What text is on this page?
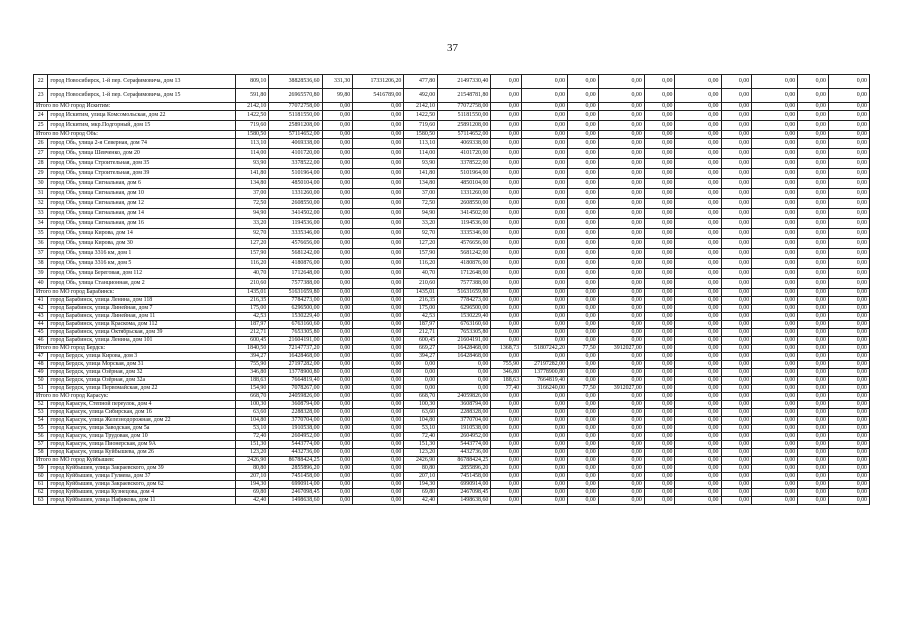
37
22	город Новосибирск, 1-й пер. Серафимовича, дом 13	809,10	38828536,60	331,30	17331206,20	477,80	21497330,40	0,00	0,00	0,00	0,00	0,00	0,00	0,00	0,00	0,00	0,00
23	город Новосибирск, 1-й пер. Серафимовича, дом 15	591,80	26965570,80	99,80	5416789,00	492,00	21548781,80	0,00	0,00	0,00	0,00	0,00	0,00	0,00	0,00	0,00	0,00
Итого по МО город Искитим:		2142,10	77072758,00	0,00	0,00	2142,10	77072758,00	0,00	0,00	0,00	0,00	0,00	0,00	0,00	0,00	0,00	0,00
24	город Искитим, улица Комсомольская, дом 22	1422,50	51181550,00	0,00	0,00	1422,50	51181550,00	0,00	0,00	0,00	0,00	0,00	0,00	0,00	0,00	0,00	0,00
25	город Искитим, мкр.Подгорный, дом 15	719,60	25891208,00	0,00	0,00	719,60	25891208,00	0,00	0,00	0,00	0,00	0,00	0,00	0,00	0,00	0,00	0,00
Итого по МО город Обь:		1580,50	57114652,00	0,00	0,00	1580,50	57114652,00	0,00	0,00	0,00	0,00	0,00	0,00	0,00	0,00	0,00	0,00
26	город Обь, улица 2-я Северная, дом 74	113,10	4069338,00	0,00	0,00	113,10	4069338,00	0,00	0,00	0,00	0,00	0,00	0,00	0,00	0,00	0,00	0,00
27	город Обь, улица Шевченко, дом 20	114,00	4101720,00	0,00	0,00	114,00	4101720,00	0,00	0,00	0,00	0,00	0,00	0,00	0,00	0,00	0,00	0,00
28	город Обь, улица Строительная, дом 35	93,90	3378522,00	0,00	0,00	93,90	3378522,00	0,00	0,00	0,00	0,00	0,00	0,00	0,00	0,00	0,00	0,00
29	город Обь, улица Строительная, дом 39	141,80	5101964,00	0,00	0,00	141,80	5101964,00	0,00	0,00	0,00	0,00	0,00	0,00	0,00	0,00	0,00	0,00
30	город Обь, улица Сигнальная, дом 6	134,80	4850104,00	0,00	0,00	134,80	4850104,00	0,00	0,00	0,00	0,00	0,00	0,00	0,00	0,00	0,00	0,00
31	город Обь, улица Сигнальная, дом 10	37,00	1331260,00	0,00	0,00	37,00	1331260,00	0,00	0,00	0,00	0,00	0,00	0,00	0,00	0,00	0,00	0,00
32	город Обь, улица Сигнальная, дом 12	72,50	2608550,00	0,00	0,00	72,50	2608550,00	0,00	0,00	0,00	0,00	0,00	0,00	0,00	0,00	0,00	0,00
33	город Обь, улица Сигнальная, дом 14	94,90	3414502,00	0,00	0,00	94,90	3414502,00	0,00	0,00	0,00	0,00	0,00	0,00	0,00	0,00	0,00	0,00
34	город Обь, улица Сигнальная, дом 16	33,20	1194536,00	0,00	0,00	33,20	1194536,00	0,00	0,00	0,00	0,00	0,00	0,00	0,00	0,00	0,00	0,00
35	город Обь, улица Кирова, дом 14	92,70	3335346,00	0,00	0,00	92,70	3335346,00	0,00	0,00	0,00	0,00	0,00	0,00	0,00	0,00	0,00	0,00
36	город Обь, улица Кирова, дом 30	127,20	4576656,00	0,00	0,00	127,20	4576656,00	0,00	0,00	0,00	0,00	0,00	0,00	0,00	0,00	0,00	0,00
37	город Обь, улица 3316 км, дом 1	157,90	5681242,00	0,00	0,00	157,90	5681242,00	0,00	0,00	0,00	0,00	0,00	0,00	0,00	0,00	0,00	0,00
38	город Обь, улица 3316 км, дом 5	116,20	4180876,00	0,00	0,00	116,20	4180876,00	0,00	0,00	0,00	0,00	0,00	0,00	0,00	0,00	0,00	0,00
39	город Обь, улица Береговая, дом 112	40,70	1712648,00	0,00	0,00	40,70	1712648,00	0,00	0,00	0,00	0,00	0,00	0,00	0,00	0,00	0,00	0,00
40	город Обь, улица Станционная, дом 2	210,60	7577388,00	0,00	0,00	210,60	7577388,00	0,00	0,00	0,00	0,00	0,00	0,00	0,00	0,00	0,00	0,00
Итого по МО город Барабинск:		1435,01	51631659,80	0,00	0,00	1435,01	51631659,80	0,00	0,00	0,00	0,00	0,00	0,00	0,00	0,00	0,00	0,00
41	город Барабинск, улица Ленина, дом 118	216,35	7784273,00	0,00	0,00	216,35	7784273,00	0,00	0,00	0,00	0,00	0,00	0,00	0,00	0,00	0,00	0,00
42	город Барабинск, улица Линейная, дом 7	175,00	6296500,00	0,00	0,00	175,00	6296500,00	0,00	0,00	0,00	0,00	0,00	0,00	0,00	0,00	0,00	0,00
43	город Барабинск, улица Линейная, дом 11	42,53	1530229,40	0,00	0,00	42,53	1530229,40	0,00	0,00	0,00	0,00	0,00	0,00	0,00	0,00	0,00	0,00
44	город Барабинск, улица Краскома, дом 112	187,97	6763160,60	0,00	0,00	187,97	6763160,60	0,00	0,00	0,00	0,00	0,00	0,00	0,00	0,00	0,00	0,00
45	город Барабинск, улица Октябрьская, дом 39	212,71	7653305,80	0,00	0,00	212,71	7653305,80	0,00	0,00	0,00	0,00	0,00	0,00	0,00	0,00	0,00	0,00
46	город Барабинск, улица Ленина, дом 101	600,45	21604191,00	0,00	0,00	600,45	21604191,00	0,00	0,00	0,00	0,00	0,00	0,00	0,00	0,00	0,00	0,00
Итого по МО город Бердск:		1840,50	72147737,20	0,00	0,00	669,27	16428468,00	1368,73	51807242,20	77,50	3912027,00	0,00	0,00	0,00	0,00	0,00	0,00
47	город Бердск, улица Кирова, дом 3	394,27	16428468,00	0,00	0,00	394,27	16428468,00	0,00	0,00	0,00	0,00	0,00	0,00	0,00	0,00	0,00	0,00
48	город Бердск, улица Морская, дом 31	755,90	27197282,00	0,00	0,00	0,00	0,00	755,90	27197282,00	0,00	0,00	0,00	0,00	0,00	0,00	0,00	0,00
49	город Бердск, улица Озёрная, дом 32	346,80	13778900,80	0,00	0,00	0,00	0,00	346,80	13778900,80	0,00	0,00	0,00	0,00	0,00	0,00	0,00	0,00
50	город Бердск, улица Озёрная, дом 32а	188,63	7664819,40	0,00	0,00	0,00	0,00	188,63	7664819,40	0,00	0,00	0,00	0,00	0,00	0,00	0,00	0,00
51	город Бердск, улица Первомайская, дом 22	154,90	7078267,00	0,00	0,00	0,00	0,00	77,40	3166240,00	77,50	3912027,00	0,00	0,00	0,00	0,00	0,00	0,00
Итого по МО город Карасук:		668,70	24059826,00	0,00	0,00	668,70	24059826,00	0,00	0,00	0,00	0,00	0,00	0,00	0,00	0,00	0,00	0,00
52	город Карасук, Степной переулок, дом 4	100,30	3608794,00	0,00	0,00	100,30	3608794,00	0,00	0,00	0,00	0,00	0,00	0,00	0,00	0,00	0,00	0,00
53	город Карасук, улица Сибирская, дом 16	63,60	2288328,00	0,00	0,00	63,60	2288328,00	0,00	0,00	0,00	0,00	0,00	0,00	0,00	0,00	0,00	0,00
54	город Карасук, улица Железнодорожная, дом 22	104,80	3770704,00	0,00	0,00	104,80	3770704,00	0,00	0,00	0,00	0,00	0,00	0,00	0,00	0,00	0,00	0,00
55	город Карасук, улица Заводская, дом 5а	53,10	1910538,00	0,00	0,00	53,10	1910538,00	0,00	0,00	0,00	0,00	0,00	0,00	0,00	0,00	0,00	0,00
56	город Карасук, улица Трудовая, дом 10	72,40	2604952,00	0,00	0,00	72,40	2604952,00	0,00	0,00	0,00	0,00	0,00	0,00	0,00	0,00	0,00	0,00
57	город Карасук, улица Пионерская, дом 9А	151,30	5443774,00	0,00	0,00	151,30	5443774,00	0,00	0,00	0,00	0,00	0,00	0,00	0,00	0,00	0,00	0,00
58	город Карасук, улица Куйбышева, дом 26	123,20	4432736,00	0,00	0,00	123,20	4432736,00	0,00	0,00	0,00	0,00	0,00	0,00	0,00	0,00	0,00	0,00
Итого по МО город Куйбышев:		2426,90	86788424,25	0,00	0,00	2426,90	86788424,25	0,00	0,00	0,00	0,00	0,00	0,00	0,00	0,00	0,00	0,00
59	город Куйбышев, улица Закраевского, дом 39	80,80	2855896,20	0,00	0,00	80,80	2855896,20	0,00	0,00	0,00	0,00	0,00	0,00	0,00	0,00	0,00	0,00
60	город Куйбышев, улица Гуляева, дом 37	207,10	7451458,00	0,00	0,00	207,10	7451458,00	0,00	0,00	0,00	0,00	0,00	0,00	0,00	0,00	0,00	0,00
61	город Куйбышев, улица Закраевского, дом 62	194,30	6990914,00	0,00	0,00	194,30	6990914,00	0,00	0,00	0,00	0,00	0,00	0,00	0,00	0,00	0,00	0,00
62	город Куйбышев, улица Кузнецова, дом 4	69,80	2467098,45	0,00	0,00	69,80	2467098,45	0,00	0,00	0,00	0,00	0,00	0,00	0,00	0,00	0,00	0,00
63	город Куйбышев, улица Нафикова, дом 11	42,40	1498638,60	0,00	0,00	42,40	1498638,60	0,00	0,00	0,00	0,00	0,00	0,00	0,00	0,00	0,00	0,00
